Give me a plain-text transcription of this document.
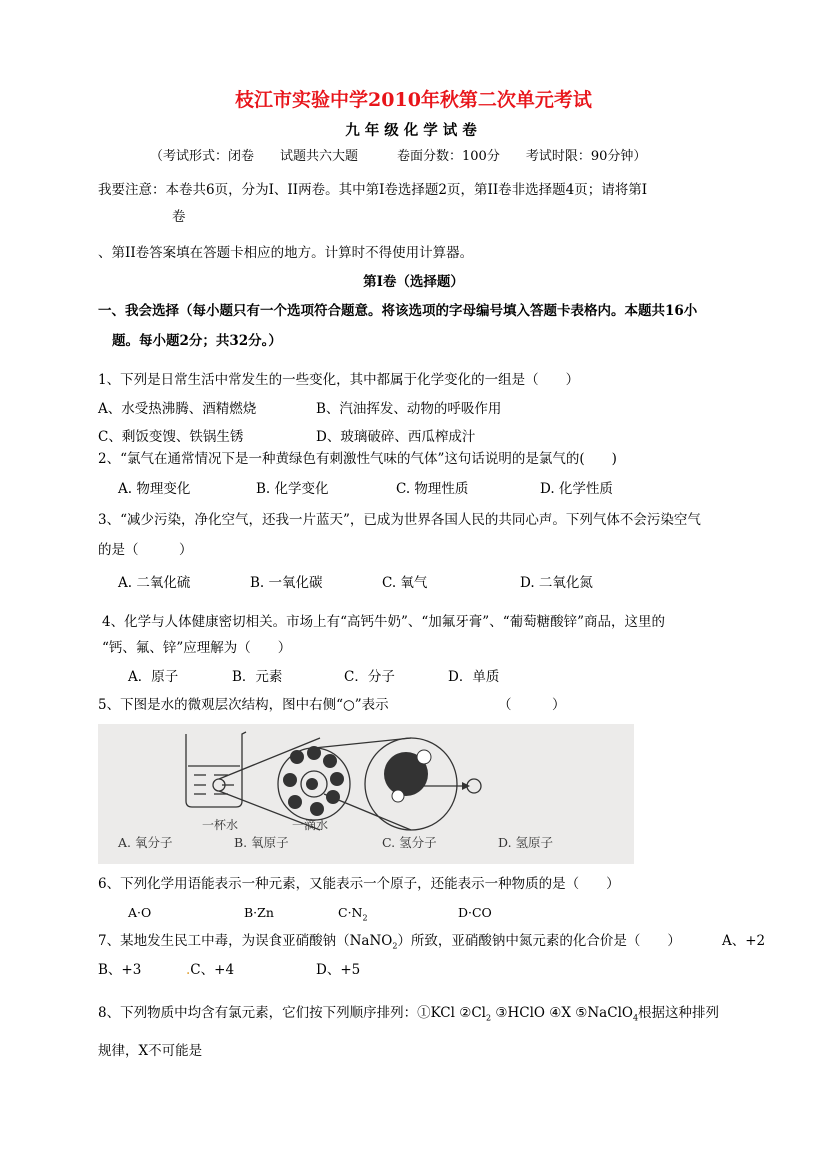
枝江市实验中学2010年秋第二次单元考试
九年级化学试卷
（考试形式：闭卷　　试题共六大题　　　卷面分数：100分　　考试时限：90分钟）
我要注意：本卷共6页，分为I、II两卷。其中第I卷选择题2页，第II卷非选择题4页；请将第I
卷
、第II卷答案填在答题卡相应的地方。计算时不得使用计算器。
第I卷（选择题）
一、我会选择（每小题只有一个选项符合题意。将该选项的字母编号填入答题卡表格内。本题共16小
题。每小题2分；共32分。）
1、下列是日常生活中常发生的一些变化，其中都属于化学变化的一组是（　　）
A、水受热沸腾、酒精燃烧	B、汽油挥发、动物的呼吸作用
C、剩饭变馊、铁锅生锈	D、玻璃破碎、西瓜榨成汁
2、“氯气在通常情况下是一种黄绿色有刺激性气味的气体”这句话说明的是氯气的(　　)
A. 物理变化	B. 化学变化	C. 物理性质	D. 化学性质
3、“减少污染，净化空气，还我一片蓝天”，已成为世界各国人民的共同心声。下列气体不会污染空气
的是（　　　）
A. 二氧化硫	B. 一氧化碳	C. 氧气	D. 二氧化氮
4、化学与人体健康密切相关。市场上有“高钙牛奶”、“加氟牙膏”、“葡萄糖酸锌”商品，这里的
“钙、氟、锌”应理解为（　　）
A．原子	B．元素	C．分子	D．单质
5、下图是水的微观层次结构，图中右侧“○”表示	（　　　）
一杯水	一滴水
A. 氧分子	B. 氧原子	C. 氢分子	D. 氢原子
6、下列化学用语能表示一种元素，又能表示一个原子，还能表示一种物质的是（　　）
A·O	B·Zn	$C\cdot N_2$	D·CO
7、某地发生民工中毒，为误食亚硝酸钠（NaNO$_2$）所致，亚硝酸钠中氮元素的化合价是（　　）	A、+2
B、+3	.C、+4	D、+5
8、下列物质中均含有氯元素，它们按下列顺序排列：①KCl $②Cl_2$ ③HClO ④X ⑤NaClO$_4$根据这种排列
规律，X不可能是
